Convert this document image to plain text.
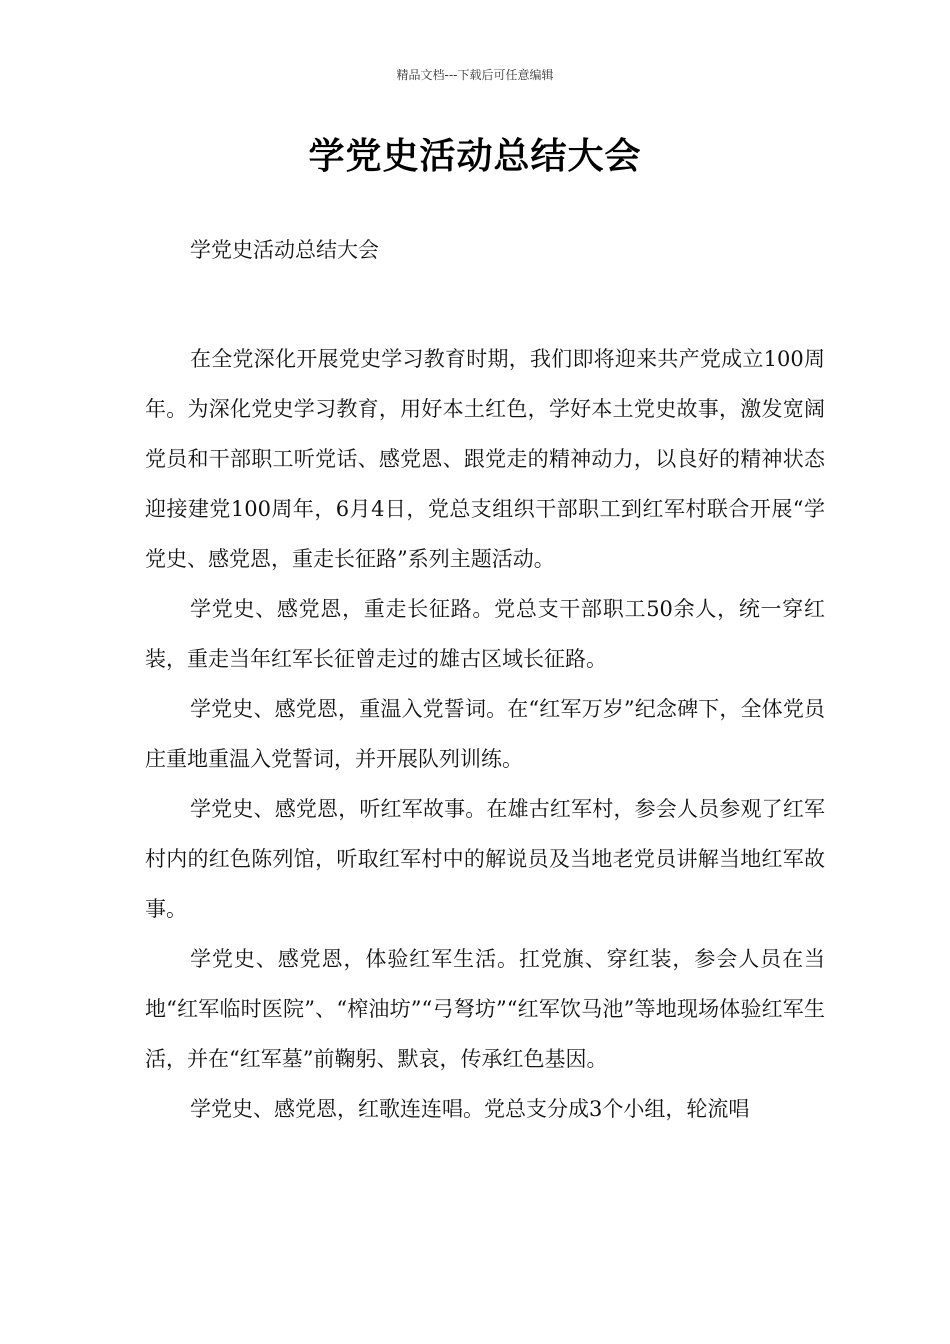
精品文档---下载后可任意编辑
学党史活动总结大会

学党史活动总结大会

在全党深化开展党史学习教育时期，我们即将迎来共产党成立100周年。为深化党史学习教育，用好本土红色，学好本土党史故事，激发宽阔党员和干部职工听党话、感党恩、跟党走的精神动力，以良好的精神状态迎接建党100周年，6月4日，党总支组织干部职工到红军村联合开展“学党史、感党恩，重走长征路”系列主题活动。

学党史、感党恩，重走长征路。党总支干部职工50余人，统一穿红装，重走当年红军长征曾走过的雄古区域长征路。

学党史、感党恩，重温入党誓词。在“红军万岁”纪念碑下，全体党员庄重地重温入党誓词，并开展队列训练。

学党史、感党恩，听红军故事。在雄古红军村，参会人员参观了红军村内的红色陈列馆，听取红军村中的解说员及当地老党员讲解当地红军故事。

学党史、感党恩，体验红军生活。扛党旗、穿红装，参会人员在当地“红军临时医院”、“榨油坊”“弓弩坊”“红军饮马池”等地现场体验红军生活，并在“红军墓”前鞠躬、默哀，传承红色基因。

学党史、感党恩，红歌连连唱。党总支分成3个小组，轮流唱
